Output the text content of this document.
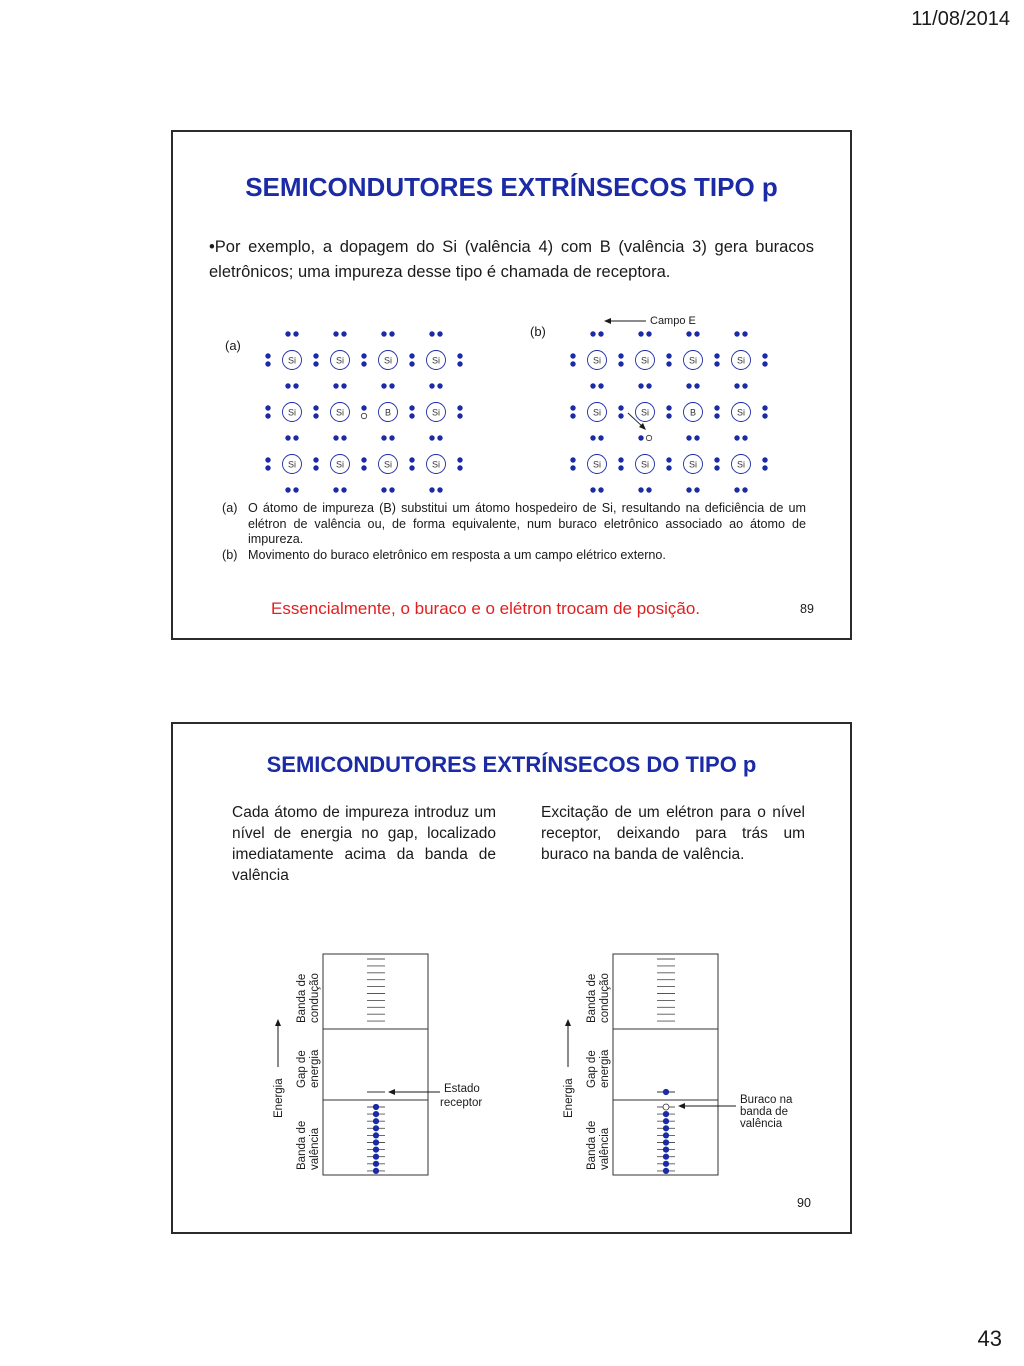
11/08/2014
SEMICONDUTORES EXTRÍNSECOS TIPO p
•Por exemplo, a dopagem do Si (valência 4) com B (valência 3) gera buracos eletrônicos; uma impureza desse tipo é chamada de receptora.
(a)
Si	Si	Si	Si
Si	Si	B	Si
Si	Si	Si	Si
(b)
Campo E
Si	Si	Si	Si
Si	Si	B	Si
Si	Si	Si	Si
(a) O átomo de impureza (B) substitui um átomo hospedeiro de Si, resultando na deficiência de um elétron de valência ou, de forma equivalente, num buraco eletrônico associado ao átomo de impureza.
(b) Movimento do buraco eletrônico em resposta a um campo elétrico externo.
Essencialmente, o buraco e o elétron trocam de posição.	89
SEMICONDUTORES EXTRÍNSECOS DO TIPO p
Cada átomo de impureza introduz um nível de energia no gap, localizado imediatamente acima da banda de valência
Excitação de um elétron para o nível receptor, deixando para trás um buraco na banda de valência.
Estado
receptor
Banda de condução
Gap de energia
Banda de valência
Energia	Buraco na
banda de
valência
Banda de condução
Gap de energia
Banda de valência
Energia
90
43
